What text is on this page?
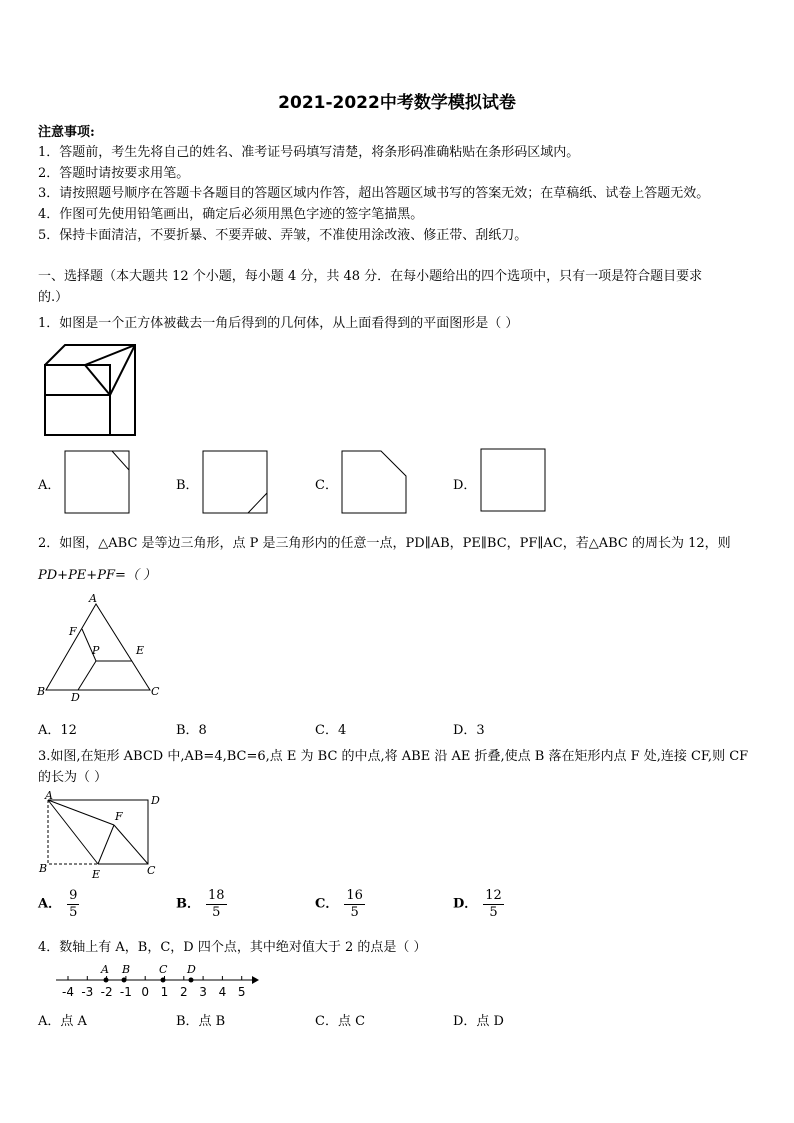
2021-2022中考数学模拟试卷
注意事项:
1．答题前，考生先将自己的姓名、准考证号码填写清楚，将条形码准确粘贴在条形码区域内。
2．答题时请按要求用笔。
3．请按照题号顺序在答题卡各题目的答题区域内作答，超出答题区域书写的答案无效；在草稿纸、试卷上答题无效。
4．作图可先使用铅笔画出，确定后必须用黑色字迹的签字笔描黑。
5．保持卡面清洁，不要折暴、不要弄破、弄皱，不准使用涂改液、修正带、刮纸刀。
一、选择题（本大题共 12 个小题，每小题 4 分，共 48 分．在每小题给出的四个选项中，只有一项是符合题目要求
的.）
1．如图是一个正方体被截去一角后得到的几何体，从上面看得到的平面图形是（ ）
A．	B．	C．	D．
2．如图，△ABC 是等边三角形，点 P 是三角形内的任意一点，PD∥AB，PE∥BC，PF∥AC，若△ABC 的周长为 12，则
PD+PE+PF=（ ）
A
B	C
D
E
F
P
A．12	B．8	C．4	D．3
3.如图,在矩形 ABCD 中,AB=4,BC=6,点 E 为 BC 的中点,将 ABE 沿 AE 折叠,使点 B 落在矩形内点 F 处,连接 CF,则 CF
的长为（ ）
A
B	C
D
E
F
A． $\frac{9}{5}$	B． $\frac{18}{5}$	C． $\frac{16}{5}$	D． $\frac{12}{5}$
4．数轴上有 A，B，C，D 四个点，其中绝对值大于 2 的点是（ ）
-4 -3 -2 -1 0 1 2 3 4 5
A B	C D
A．点 A	B．点 B	C．点 C	D．点 D
